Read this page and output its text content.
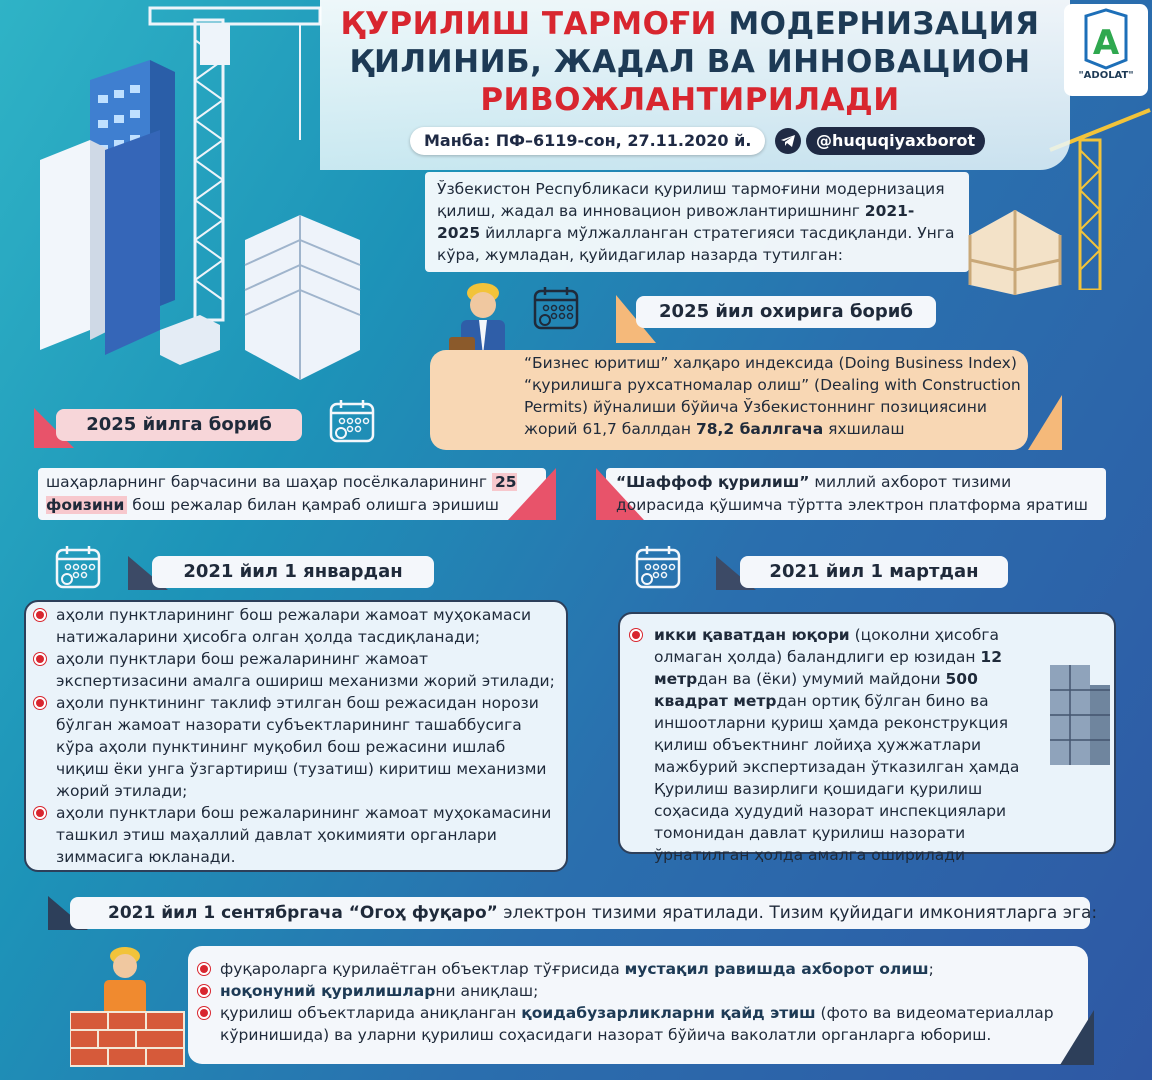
ҚУРИЛИШ ТАРМОҒИ МОДЕРНИЗАЦИЯ
ҚИЛИНИБ, ЖАДАЛ ВА ИННОВАЦИОН
РИВОЖЛАНТИРИЛАДИ
Манба: ПФ–6119-сон, 27.11.2020 й.	@huquqiyaxborot
A
"ADOLAT"
Ўзбекистон Республикаси қурилиш тармоғини модернизация қилиш, жадал ва инновацион ривожлантиришнинг 2021-2025 йилларга мўлжалланган стратегияси тасдиқланди. Унга кўра, жумладан, қуйидагилар назарда тутилган:
2025 йил охирига бориб
“Бизнес юритиш” халқаро индексида (Doing Business Index) “қурилишга рухсатномалар олиш” (Dealing with Construction Permits) йўналиши бўйича Ўзбекистоннинг позициясини жорий 61,7 баллдан 78,2 баллгача яхшилаш
2025 йилга бориб
шаҳарларнинг барчасини ва шаҳар посёлкаларининг 25 фоизини бош режалар билан қамраб олишга эришиш
“Шаффоф қурилиш” миллий ахборот тизими доирасида қўшимча тўртта электрон платформа яратиш
2021 йил 1 январдан
аҳоли пунктларининг бош режалари жамоат муҳокамаси натижаларини ҳисобга олган ҳолда тасдиқланади;
аҳоли пунктлари бош режаларининг жамоат экспертизасини амалга ошириш механизми жорий этилади;
аҳоли пунктининг таклиф этилган бош режасидан норози бўлган жамоат назорати субъектларининг ташаббусига кўра аҳоли пунктининг муқобил бош режасини ишлаб чиқиш ёки унга ўзгартириш (тузатиш) киритиш механизми жорий этилади;
аҳоли пунктлари бош режаларининг жамоат муҳокамасини ташкил этиш маҳаллий давлат ҳокимияти органлари зиммасига юкланади.
2021 йил 1 мартдан
икки қаватдан юқори (цоколни ҳисобга олмаган ҳолда) баландлиги ер юзидан 12 метрдан ва (ёки) умумий майдони 500 квадрат метрдан ортиқ бўлган бино ва иншоотларни қуриш ҳамда реконструкция қилиш объектнинг лойиҳа ҳужжатлари мажбурий экспертизадан ўтказилган ҳамда Қурилиш вазирлиги қошидаги қурилиш соҳасида ҳудудий назорат инспекциялари томонидан давлат қурилиш назорати ўрнатилган ҳолда амалга оширилади
2021 йил 1 сентябргача “Огоҳ фуқаро” электрон тизими яратилади. Тизим қуйидаги имкониятларга эга:
фуқароларга қурилаётган объектлар тўғрисида мустақил равишда ахборот олиш;
ноқонуний қурилишларни аниқлаш;
қурилиш объектларида аниқланган қоидабузарликларни қайд этиш (фото ва видеоматериаллар кўринишида) ва уларни қурилиш соҳасидаги назорат бўйича ваколатли органларга юбориш.
